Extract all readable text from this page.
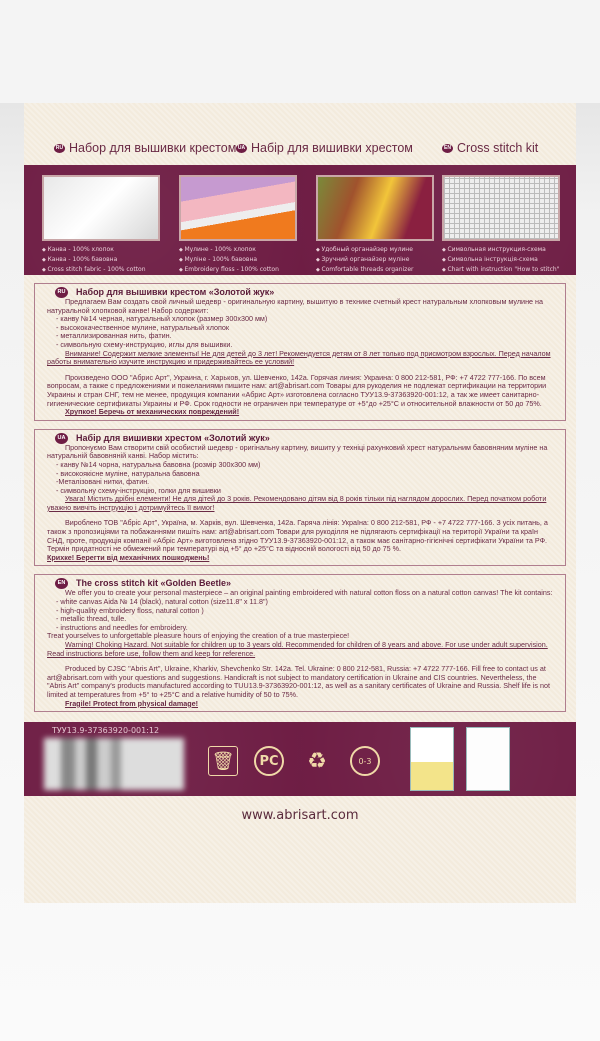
RU Набор для вышивки крестом UA Набір для вишивки хрестом	EN Cross stitch kit
◆ Канва - 100% хлопок
◆ Канва - 100% бавовна
◆ Cross stitch fabric - 100% cotton
◆ Мулине - 100% хлопок
◆ Муліне - 100% бавовна
◆ Embroidery floss - 100% cotton
◆ Удобный органайзер мулине
◆ Зручний органайзер муліне
◆ Comfortable threads organizer
◆ Символьная инструкция-схема
◆ Символьна інструкція-схема
◆ Chart with instruction "How to stitch"
RU Набор для вышивки крестом «Золотой жук»

Предлагаем Вам создать свой личный шедевр - оригинальную картину, вышитую в технике счетный крест натуральным хлопковым мулине на натуральной хлопковой канве! Набор содержит:

- канву №14 черная, натуральный хлопок (размер 300х300 мм)
- высококачественное мулине, натуральный хлопок
- металлизированная нить, фатин.
- символьную схему-инструкцию, иглы для вышивки.

Внимание! Содержит мелкие элементы! Не для детей до 3 лет! Рекомендуется детям от 8 лет только под присмотром взрослых. Перед началом работы внимательно изучите инструкцию и придерживайтесь ее условий!

Произведено ООО "Абрис Арт", Украина, г. Харьков, ул. Шевченко, 142а. Горячая линия: Украина: 0 800 212-581, РФ: +7 4722 777-166. По всем вопросам, а также с предложениями и пожеланиями пишите нам: art@abrisart.com Товары для рукоделия не подлежат сертификации на территории Украины и стран СНГ, тем не менее, продукция компании «Абрис Арт» изготовлена согласно ТУУ13.9-37363920-001:12, а так же имеет санитарно-гигиенические сертификаты Украины и РФ. Срок годности не ограничен при температуре от +5°до +25°С и относительной влажности от 50 до 75%.

Хрупкое! Беречь от механических повреждений!
UA Набір для вишивки хрестом «Золотий жук»

Пропонуємо Вам створити свій особистий шедевр - оригінальну картину, вишиту у техніці рахунковий хрест натуральним бавовняним муліне на натуральній бавовняній канві. Набор містить:

- канву №14 чорна, натуральна бавовна (розмір 300х300 мм)
- високоякісне муліне, натуральна бавовна
-Металізовані нитки, фатин.
- символьну схему-інструкцію, голки для вишивки

Увага! Містить дрібні елементи! Не для дітей до 3 років. Рекомендовано дітям від 8 років тільки під наглядом дорослих. Перед початком роботи уважно вивчіть інструкцію і дотримуйтесь її вимог!

Вироблено ТОВ "Абріс Арт", Україна, м. Харків, вул. Шевченка, 142а. Гаряча лінія: Україна: 0 800 212-581, РФ - +7 4722 777-166. З усіх питань, а також з пропозиціями та побажаннями пишіть нам: art@abrisart.com Товари для рукоділля не підлягають сертифікації на території України та країн СНД, проте, продукція компанії «Абріс Арт» виготовлена згідно ТУУ13.9-37363920-001:12, а також має санітарно-гігієнічні сертифікати України та РФ. Термін придатності не обмежений при температурі від +5° до +25°С та відносній вологості від 50 до 75 %.

Крихке! Берегти від механічних пошкоджень!
EN The cross stitch kit «Golden Beetle»

We offer you to create your personal masterpiece – an original painting embroidered with natural cotton floss on a natural cotton canvas! The kit contains:

- white canvas Aida № 14 (black), natural cotton (size11.8" x 11.8")
- high-quality embroidery floss, natural cotton )
- metallic thread, tulle.
- instructions and needles for embroidery.
Treat yourselves to unforgettable pleasure hours of enjoying the creation of a true masterpiece!

Warning! Choking Hazard. Not suitable for children up to 3 years old. Recommended for children of 8 years and above. For use under adult supervision. Read instructions before use, follow them and keep for reference.

Produced by CJSC "Abris Art", Ukraine, Kharkiv, Shevchenko Str. 142a. Tel. Ukraine: 0 800 212-581, Russia: +7 4722 777-166. Fill free to contact us at art@abrisart.com with your questions and suggestions. Handicraft is not subject to mandatory certification in Ukraine and CIS countries. Nevertheless, the "Abris Art" company's products manufactured according to TUU13.9-37363920-001:12, as well as a sanitary certificates of Ukraine and Russia. Shelf life is not limited at temperatures from +5° to +25°C and a relative humidity of 50 to 75%.

Fragile! Protect from physical damage!
ТУУ13.9-37363920-001:12
🗑	PC ♻	0-3
www.abrisart.com
